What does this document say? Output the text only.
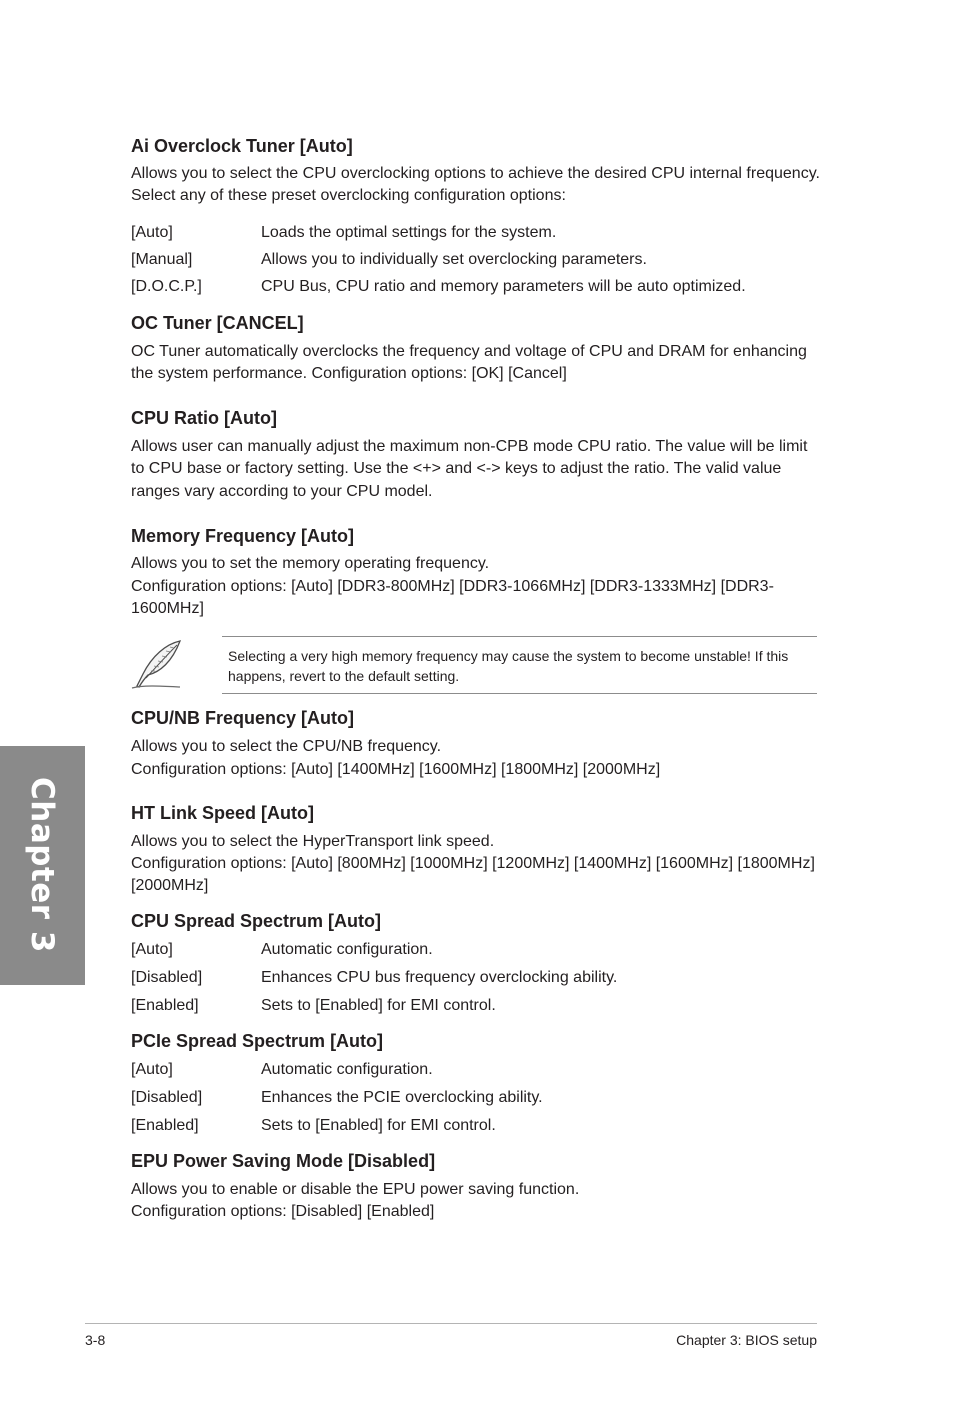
Chapter 3
Ai Overclock Tuner [Auto]
Allows you to select the CPU overclocking options to achieve the desired CPU internal frequency. Select any of these preset overclocking configuration options:
[Auto]	Loads the optimal settings for the system.
[Manual]	Allows you to individually set overclocking parameters.
[D.O.C.P.]	CPU Bus, CPU ratio and memory parameters will be auto optimized.
OC Tuner [CANCEL]
OC Tuner automatically overclocks the frequency and voltage of CPU and DRAM for enhancing the system performance. Configuration options: [OK] [Cancel]
CPU Ratio [Auto]
Allows user can manually adjust the maximum non-CPB mode CPU ratio. The value will be limit to CPU base or factory setting. Use the <+> and <-> keys to adjust the ratio. The valid value ranges vary according to your CPU model.
Memory Frequency [Auto]
Allows you to set the memory operating frequency.
Configuration options: [Auto] [DDR3-800MHz] [DDR3-1066MHz] [DDR3-1333MHz] [DDR3-1600MHz]
Selecting a very high memory frequency may cause the system to become unstable! If this happens, revert to the default setting.
CPU/NB Frequency [Auto]
Allows you to select the CPU/NB frequency.
Configuration options: [Auto] [1400MHz] [1600MHz] [1800MHz] [2000MHz]
HT Link Speed [Auto]
Allows you to select the HyperTransport link speed.
Configuration options: [Auto] [800MHz] [1000MHz] [1200MHz] [1400MHz] [1600MHz] [1800MHz] [2000MHz]
CPU Spread Spectrum [Auto]
[Auto]	Automatic configuration.
[Disabled]	Enhances CPU bus frequency overclocking ability.
[Enabled]	Sets to [Enabled] for EMI control.
PCIe Spread Spectrum [Auto]
[Auto]	Automatic configuration.
[Disabled]	Enhances the PCIE overclocking ability.
[Enabled]	Sets to [Enabled] for EMI control.
EPU Power Saving Mode [Disabled]
Allows you to enable or disable the EPU power saving function.
Configuration options: [Disabled] [Enabled]
3-8	Chapter 3: BIOS setup
